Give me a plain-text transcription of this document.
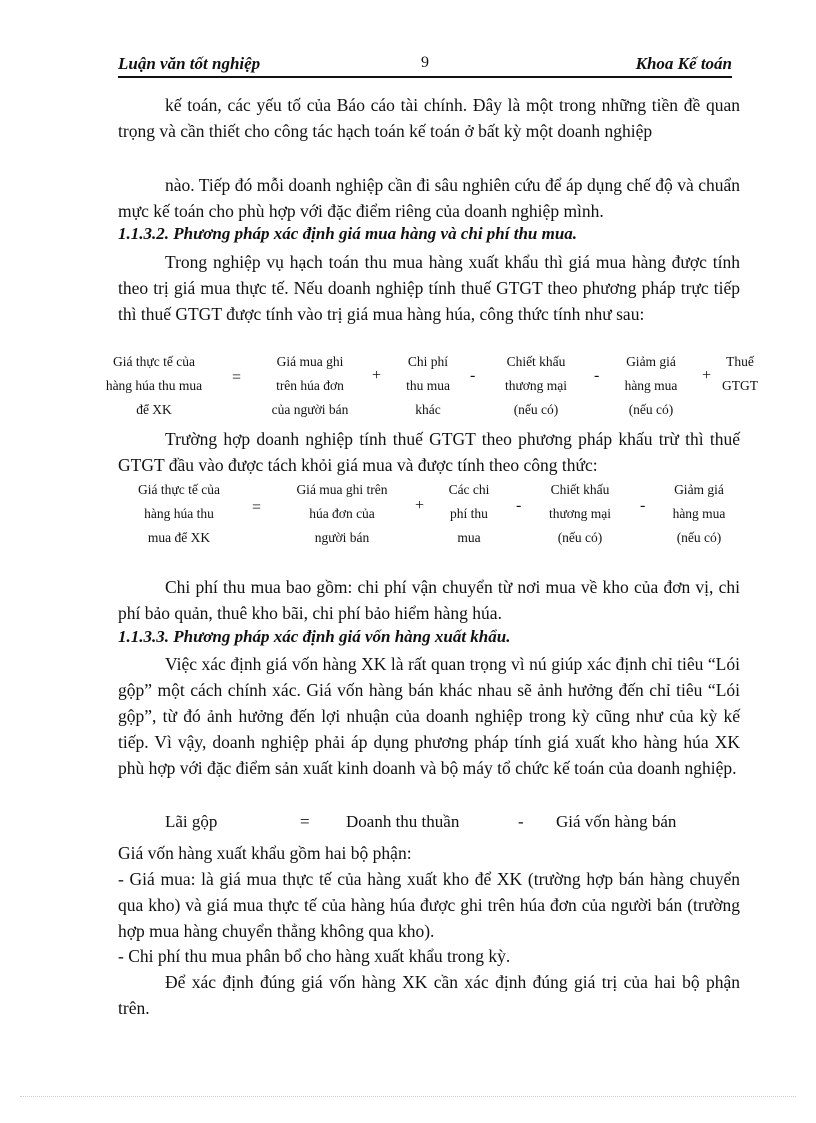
Luận văn tốt nghiệp	9	Khoa Kế toán
kế toán, các yếu tố của Báo cáo tài chính. Đây là một trong những tiền đề quan trọng và cần thiết cho công tác hạch toán kế toán ở bất kỳ một doanh nghiệp
nào. Tiếp đó mỗi doanh nghiệp cần đi sâu nghiên cứu để áp dụng chế độ và chuẩn mực kế toán cho phù hợp với đặc điểm riêng của doanh nghiệp mình.
1.1.3.2. Phương pháp xác định giá mua hàng và chi phí thu mua.
Trong nghiệp vụ hạch toán thu mua hàng xuất khẩu thì giá mua hàng được tính theo trị giá mua thực tế. Nếu doanh nghiệp tính thuế GTGT theo phương pháp trực tiếp thì thuế GTGT được tính vào trị giá mua hàng húa, công thức tính như sau:
Giá thực tế của
hàng húa thu mua
để XK
=
Giá mua ghi
trên húa đơn
của người bán
+
Chi phí
thu mua
khác
-
Chiết khấu
thương mại
(nếu có)
-
Giảm giá
hàng mua
(nếu có)
+
Thuế
GTGT
Trường hợp doanh nghiệp tính thuế GTGT theo phương pháp khấu trừ thì thuế GTGT đầu vào được tách khỏi giá mua và được tính theo công thức:
Giá thực tế của
hàng húa thu
mua để XK
=
Giá mua ghi trên
húa đơn của
người bán
+
Các chi
phí thu
mua
-
Chiết khấu
thương mại
(nếu có)
-
Giảm giá
hàng mua
(nếu có)
Chi phí thu mua bao gồm: chi phí vận chuyển từ nơi mua về kho của đơn vị, chi phí bảo quản, thuê kho bãi, chi phí bảo hiểm hàng húa.
1.1.3.3. Phương pháp xác định giá vốn hàng xuất khẩu.
Việc xác định giá vốn hàng XK là rất quan trọng vì nú giúp xác định chỉ tiêu “Lói gộp” một cách chính xác. Giá vốn hàng bán khác nhau sẽ ảnh hưởng đến chỉ tiêu “Lói gộp”, từ đó ảnh hưởng đến lợi nhuận của doanh nghiệp trong kỳ cũng như của kỳ kế tiếp. Vì vậy, doanh nghiệp phải áp dụng phương pháp tính giá xuất kho hàng húa XK phù hợp với đặc điểm sản xuất kinh doanh và bộ máy tổ chức kế toán của doanh nghiệp.
Lãi gộp	= Doanh thu thuần	- Giá vốn hàng bán
Giá vốn hàng xuất khẩu gồm hai bộ phận:
- Giá mua: là giá mua thực tế của hàng xuất kho để XK (trường hợp bán hàng chuyển qua kho) và giá mua thực tế của hàng húa được ghi trên húa đơn của người bán (trường hợp mua hàng chuyển thẳng không qua kho).
- Chi phí thu mua phân bổ cho hàng xuất khẩu trong kỳ.
Để xác định đúng giá vốn hàng XK cần xác định đúng giá trị của hai bộ phận trên.
